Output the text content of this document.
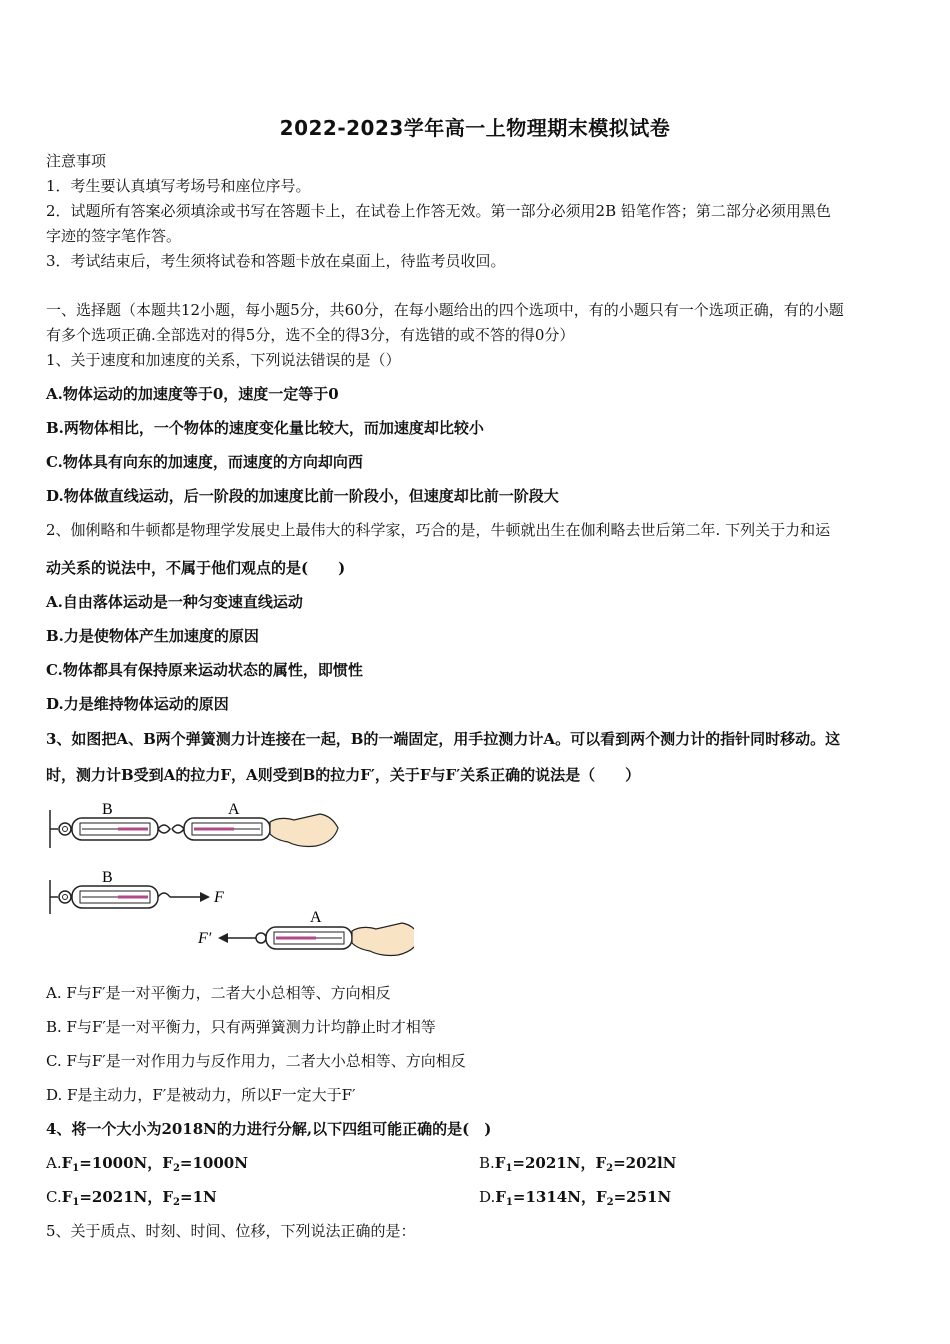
2022-2023学年高一上物理期末模拟试卷
注意事项
1．考生要认真填写考场号和座位序号。
2．试题所有答案必须填涂或书写在答题卡上，在试卷上作答无效。第一部分必须用2B 铅笔作答；第二部分必须用黑色
字迹的签字笔作答。
3．考试结束后，考生须将试卷和答题卡放在桌面上，待监考员收回。
一、选择题（本题共12小题，每小题5分，共60分，在每小题给出的四个选项中，有的小题只有一个选项正确，有的小题
有多个选项正确.全部选对的得5分，选不全的得3分，有选错的或不答的得0分）
1、关于速度和加速度的关系，下列说法错误的是（）
A.物体运动的加速度等于0，速度一定等于0
B.两物体相比，一个物体的速度变化量比较大，而加速度却比较小
C.物体具有向东的加速度，而速度的方向却向西
D.物体做直线运动，后一阶段的加速度比前一阶段小，但速度却比前一阶段大
2、伽俐略和牛顿都是物理学发展史上最伟大的科学家，巧合的是，牛顿就出生在伽利略去世后第二年. 下列关于力和运
动关系的说法中，不属于他们观点的是(　　)
A.自由落体运动是一种匀变速直线运动
B.力是使物体产生加速度的原因
C.物体都具有保持原来运动状态的属性，即惯性
D.力是维持物体运动的原因
3、如图把A、B两个弹簧测力计连接在一起，B的一端固定，用手拉测力计A。可以看到两个测力计的指针同时移动。这
时，测力计B受到A的拉力F，A则受到B的拉力F′，关于F与F′关系正确的说法是（　　）
B	A
B
F
A
F′
A. F与F′是一对平衡力，二者大小总相等、方向相反
B. F与F′是一对平衡力，只有两弹簧测力计均静止时才相等
C. F与F′是一对作用力与反作用力，二者大小总相等、方向相反
D. F是主动力，F′是被动力，所以F一定大于F′
4、将一个大小为2018N的力进行分解,以下四组可能正确的是(　)
$A.F_1=1000N$，$F_2=1000N$	$B.F_1=2021N$，$F_2=202lN$
$C.F_1=2021N$，$F_2=1N$	$D.F_1=1314N$，$F_2=251N$
5、关于质点、时刻、时间、位移，下列说法正确的是：
